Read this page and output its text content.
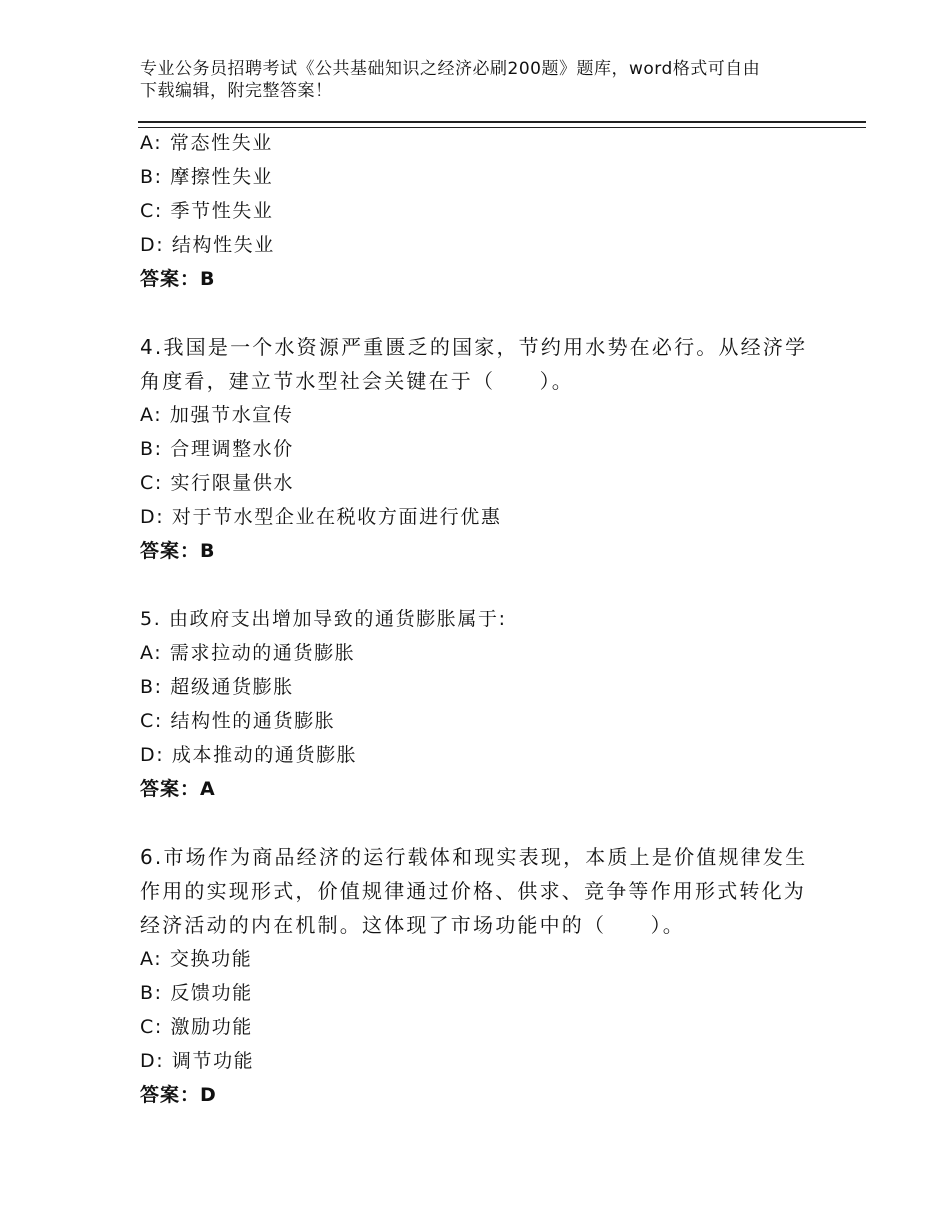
专业公务员招聘考试《公共基础知识之经济必刷200题》题库，word格式可自由
下载编辑，附完整答案！
A: 常态性失业
B: 摩擦性失业
C: 季节性失业
D: 结构性失业
答案：B
4.我国是一个水资源严重匮乏的国家，节约用水势在必行。从经济学
角度看，建立节水型社会关键在于（　　）。
A: 加强节水宣传
B: 合理调整水价
C: 实行限量供水
D: 对于节水型企业在税收方面进行优惠
答案：B
5. 由政府支出增加导致的通货膨胀属于:
A: 需求拉动的通货膨胀
B: 超级通货膨胀
C: 结构性的通货膨胀
D: 成本推动的通货膨胀
答案：A
6.市场作为商品经济的运行载体和现实表现，本质上是价值规律发生
作用的实现形式，价值规律通过价格、供求、竞争等作用形式转化为
经济活动的内在机制。这体现了市场功能中的（　　）。
A: 交换功能
B: 反馈功能
C: 激励功能
D: 调节功能
答案：D
